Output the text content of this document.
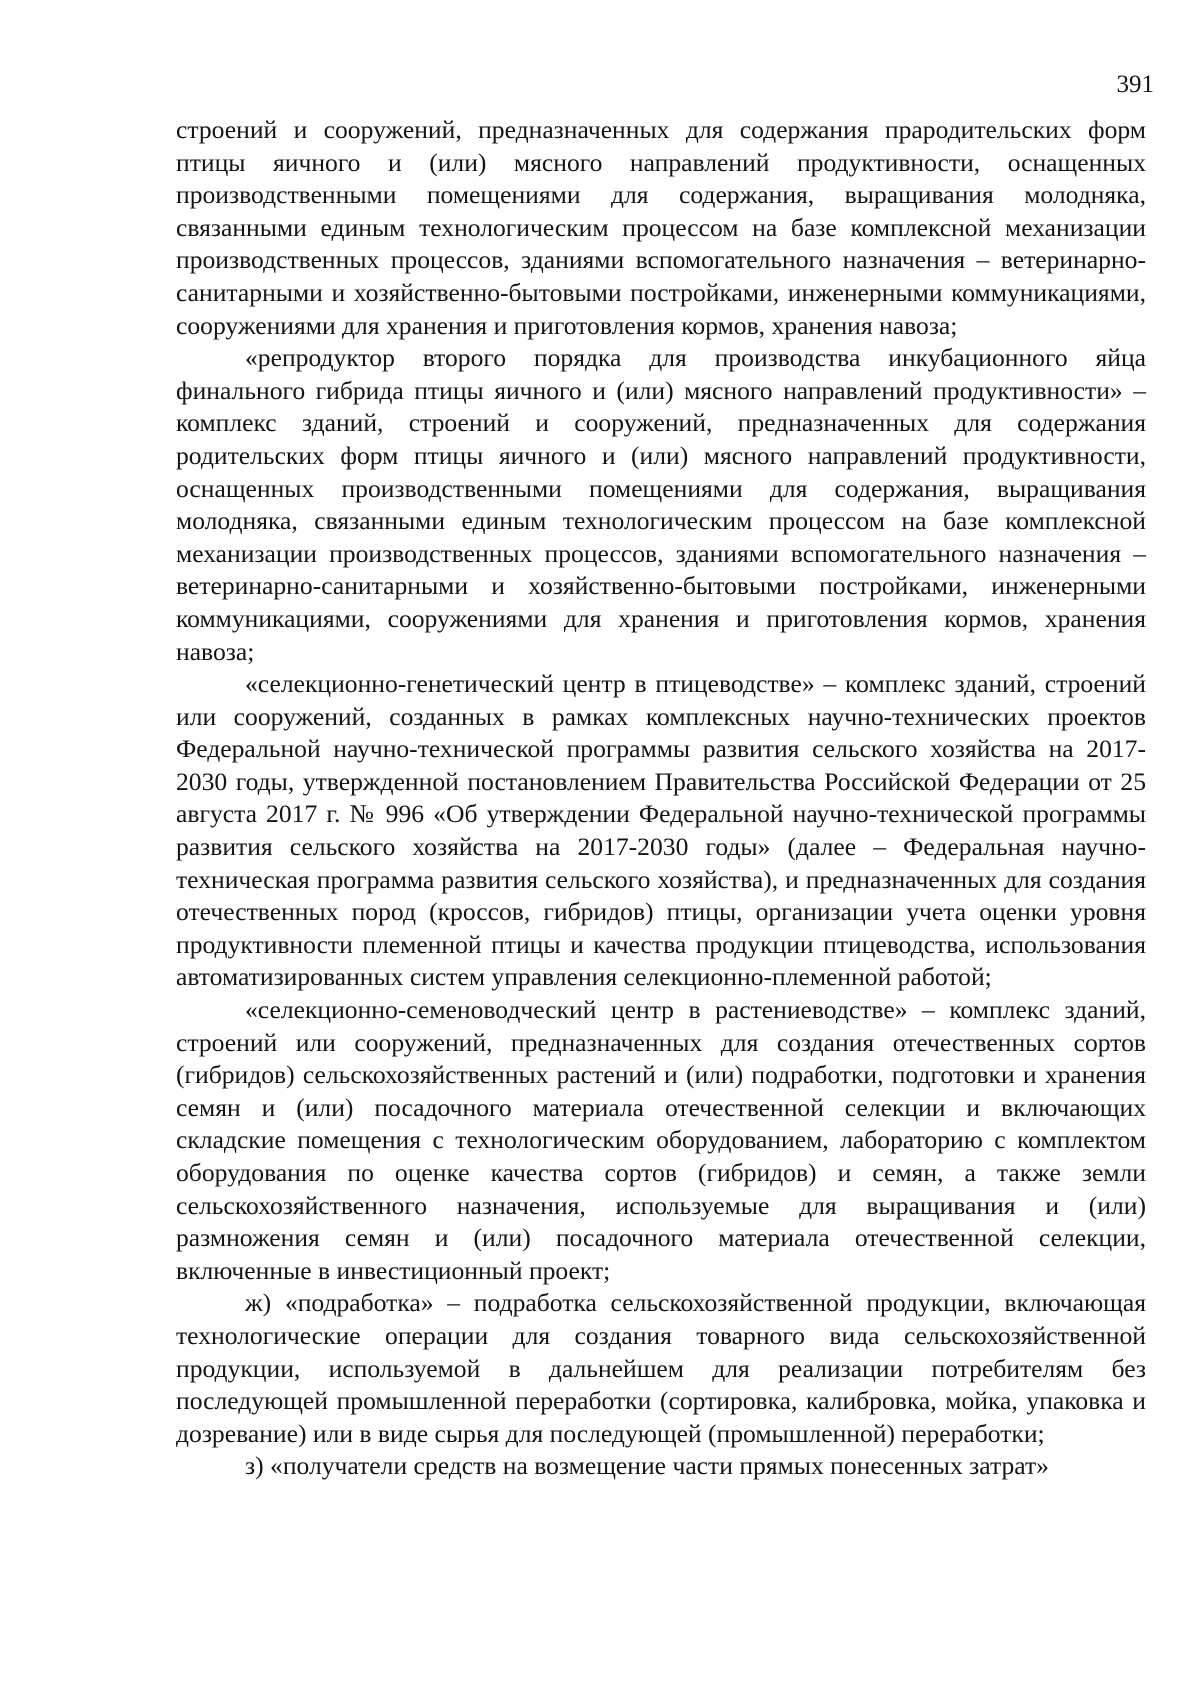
391

строений и сооружений, предназначенных для содержания прародительских форм птицы яичного и (или) мясного направлений продуктивности, оснащенных производственными помещениями для содержания, выращивания молодняка, связанными единым технологическим процессом на базе комплексной механизации производственных процессов, зданиями вспомогательного назначения – ветеринарно-санитарными и хозяйственно-бытовыми постройками, инженерными коммуникациями, сооружениями для хранения и приготовления кормов, хранения навоза;

«репродуктор второго порядка для производства инкубационного яйца финального гибрида птицы яичного и (или) мясного направлений продуктивности» – комплекс зданий, строений и сооружений, предназначенных для содержания родительских форм птицы яичного и (или) мясного направлений продуктивности, оснащенных производственными помещениями для содержания, выращивания молодняка, связанными единым технологическим процессом на базе комплексной механизации производственных процессов, зданиями вспомогательного назначения – ветеринарно-санитарными и хозяйственно-бытовыми постройками, инженерными коммуникациями, сооружениями для хранения и приготовления кормов, хранения навоза;

«селекционно-генетический центр в птицеводстве» – комплекс зданий, строений или сооружений, созданных в рамках комплексных научно-технических проектов Федеральной научно-технической программы развития сельского хозяйства на 2017-2030 годы, утвержденной постановлением Правительства Российской Федерации от 25 августа 2017 г. № 996 «Об утверждении Федеральной научно-технической программы развития сельского хозяйства на 2017-2030 годы» (далее – Федеральная научно-техническая программа развития сельского хозяйства), и предназначенных для создания отечественных пород (кроссов, гибридов) птицы, организации учета оценки уровня продуктивности племенной птицы и качества продукции птицеводства, использования автоматизированных систем управления селекционно-племенной работой;

«селекционно-семеноводческий центр в растениеводстве» – комплекс зданий, строений или сооружений, предназначенных для создания отечественных сортов (гибридов) сельскохозяйственных растений и (или) подработки, подготовки и хранения семян и (или) посадочного материала отечественной селекции и включающих складские помещения с технологическим оборудованием, лабораторию с комплектом оборудования по оценке качества сортов (гибридов) и семян, а также земли сельскохозяйственного назначения, используемые для выращивания и (или) размножения семян и (или) посадочного материала отечественной селекции, включенные в инвестиционный проект;

ж) «подработка» – подработка сельскохозяйственной продукции, включающая технологические операции для создания товарного вида сельскохозяйственной продукции, используемой в дальнейшем для реализации потребителям без последующей промышленной переработки (сортировка, калибровка, мойка, упаковка и дозревание) или в виде сырья для последующей (промышленной) переработки;

з) «получатели средств на возмещение части прямых понесенных затрат»
